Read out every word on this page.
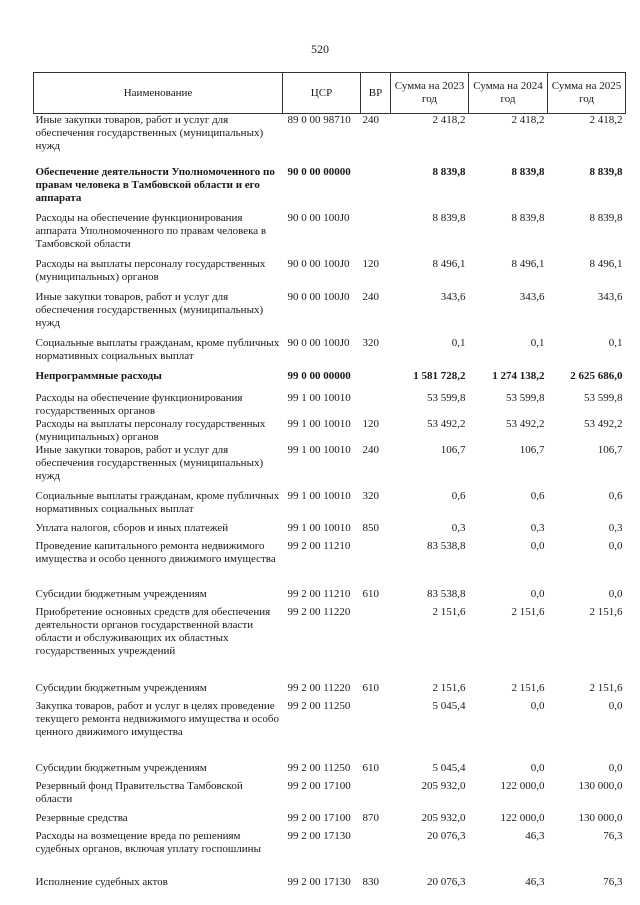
520
Наименование	ЦСР	ВР	Сумма на 2023 год	Сумма на 2024 год	Сумма на 2025 год
Иные закупки товаров, работ и услуг для обеспечения государственных (муниципальных) нужд	89 0 00 98710	240	2 418,2	2 418,2	2 418,2
Обеспечение деятельности Уполномоченного по правам человека в Тамбовской области и его аппарата	90 0 00 00000		8 839,8	8 839,8	8 839,8
Расходы на обеспечение функционирования аппарата Уполномоченного по правам человека в Тамбовской области	90 0 00 100J0		8 839,8	8 839,8	8 839,8
Расходы на выплаты персоналу государственных (муниципальных) органов	90 0 00 100J0	120	8 496,1	8 496,1	8 496,1
Иные закупки товаров, работ и услуг для обеспечения государственных (муниципальных) нужд	90 0 00 100J0	240	343,6	343,6	343,6
Социальные выплаты гражданам, кроме публичных нормативных социальных выплат	90 0 00 100J0	320	0,1	0,1	0,1
Непрограммные расходы	99 0 00 00000		1 581 728,2	1 274 138,2	2 625 686,0
Расходы на обеспечение функционирования государственных органов	99 1 00 10010		53 599,8	53 599,8	53 599,8
Расходы на выплаты персоналу государственных (муниципальных) органов	99 1 00 10010	120	53 492,2	53 492,2	53 492,2
Иные закупки товаров, работ и услуг для обеспечения государственных (муниципальных) нужд	99 1 00 10010	240	106,7	106,7	106,7
Социальные выплаты гражданам, кроме публичных нормативных социальных выплат	99 1 00 10010	320	0,6	0,6	0,6
Уплата налогов, сборов и иных платежей	99 1 00 10010	850	0,3	0,3	0,3
Проведение капитального ремонта недвижимого имущества и особо ценного движимого имущества	99 2 00 11210		83 538,8	0,0	0,0
Субсидии бюджетным учреждениям	99 2 00 11210	610	83 538,8	0,0	0,0
Приобретение основных средств для обеспечения деятельности органов государственной власти области и обслуживающих их областных государственных учреждений	99 2 00 11220		2 151,6	2 151,6	2 151,6
Субсидии бюджетным учреждениям	99 2 00 11220	610	2 151,6	2 151,6	2 151,6
Закупка товаров, работ и услуг в целях проведение текущего ремонта недвижимого имущества и особо ценного движимого имущества	99 2 00 11250		5 045,4	0,0	0,0
Субсидии бюджетным учреждениям	99 2 00 11250	610	5 045,4	0,0	0,0
Резервный фонд Правительства Тамбовской области	99 2 00 17100		205 932,0	122 000,0	130 000,0
Резервные средства	99 2 00 17100	870	205 932,0	122 000,0	130 000,0
Расходы на возмещение вреда по решениям судебных органов, включая уплату госпошлины	99 2 00 17130		20 076,3	46,3	76,3
Исполнение судебных актов	99 2 00 17130	830	20 076,3	46,3	76,3
